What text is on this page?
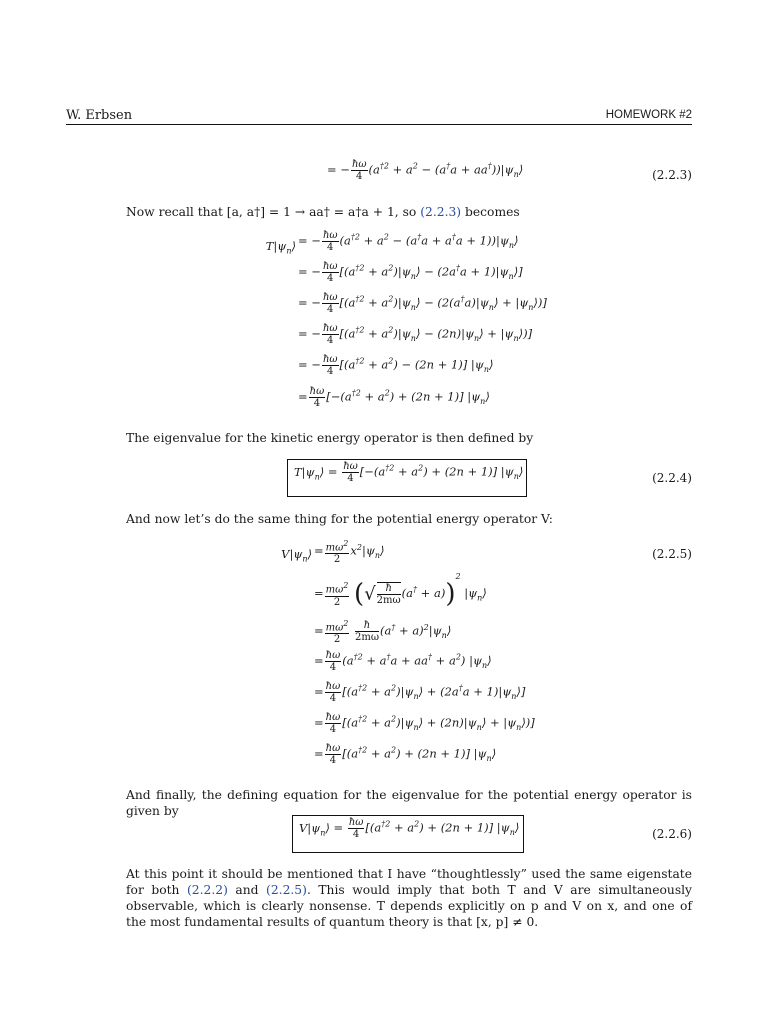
W. Erbsen	HOMEWORK #2
= − $\frac{ħ\omega}{4} (a^{\dagger 2} + a^2 - (a^\dagger a$ + $aa^\dagger))|\psi_n⟩$	(2.2.3)
Now recall that [a, a†] = 1 → aa† = a†a + 1, so (2.2.3) becomes
$T|\psi_n⟩$ = − $\frac{ħ\omega}{4} (a^{\dagger 2} + a^2 - (a^\dagger a + a^\dagger a$ + $1))|\psi_n⟩$
= − $\frac{ħ\omega}{4} [(a^{\dagger 2}$ + $a^2)|\psi_n⟩ - (2a^\dagger a$ + $1)|\psi_n⟩$]
= − $\frac{ħ\omega}{4} [(a^{\dagger 2}$ + $a^2)|\psi_n⟩$ − ($2(a^\dagger a)|\psi_n⟩$ + $|\psi_n⟩$)]
= − $\frac{ħ\omega}{4} [(a^{\dagger 2}$ + $a^2)|\psi_n⟩$ − $(2n)|\psi_n⟩$ + $|\psi_n⟩$)]
= − $\frac{ħ\omega}{4} [(a^{\dagger 2} + a^2) - (2n + 1)]$ $|\psi_n⟩$
= $\frac{ħ\omega}{4} [-(a^{\dagger 2} + a^2) + (2n + 1)]$ $|\psi_n⟩$
The eigenvalue for the kinetic energy operator is then defined by
$T|\psi_n⟩ = \frac{ħ\omega}{4} [-(a^{\dagger 2} + a^2) + (2n + 1)]$ $|\psi_n⟩$	(2.2.4)
And now let’s do the same thing for the potential energy operator V:
$V|\psi_n⟩ = \frac{m\omega^2}{2}$ $x^2|\psi_n⟩$	(2.2.5)
= $\frac{m\omega^2}{2}$ (√ $\frac{ħ}{2m\omega} (a^\dagger + a))^2$ $|\psi_n⟩$
= $\frac{m\omega^2}{2}$
$\frac{ħ}{2m\omega} (a^\dagger$ + $a)^2|\psi_n⟩$
= $\frac{ħ\omega}{4} (a^{\dagger 2} + a^\dagger a + aa^\dagger + a^2)$ $|\psi_n⟩$
= $\frac{ħ\omega}{4} [(a^{\dagger 2}$ + $a^2)|\psi_n⟩ + (2a^\dagger a$ + $1)|\psi_n⟩$]
= $\frac{ħ\omega}{4} [(a^{\dagger 2}$ + $a^2)|\psi_n⟩$ + $(2n)|\psi_n⟩$ + $|\psi_n⟩$)]
= $\frac{ħ\omega}{4} [(a^{\dagger 2} + a^2) + (2n + 1)]$ $|\psi_n⟩$
And finally, the defining equation for the eigenvalue for the potential energy operator is given by
$V|\psi_n⟩ = \frac{ħ\omega}{4} [(a^{\dagger 2} + a^2) + (2n + 1)]$ $|\psi_n⟩$	(2.2.6)
At this point it should be mentioned that I have “thoughtlessly” used the same eigenstate for both (2.2.2) and (2.2.5). This would imply that both T and V are simultaneously observable, which is clearly nonsense. T depends explicitly on p and V on x, and one of the most fundamental results of quantum theory is that [x, p] ≠ 0.
